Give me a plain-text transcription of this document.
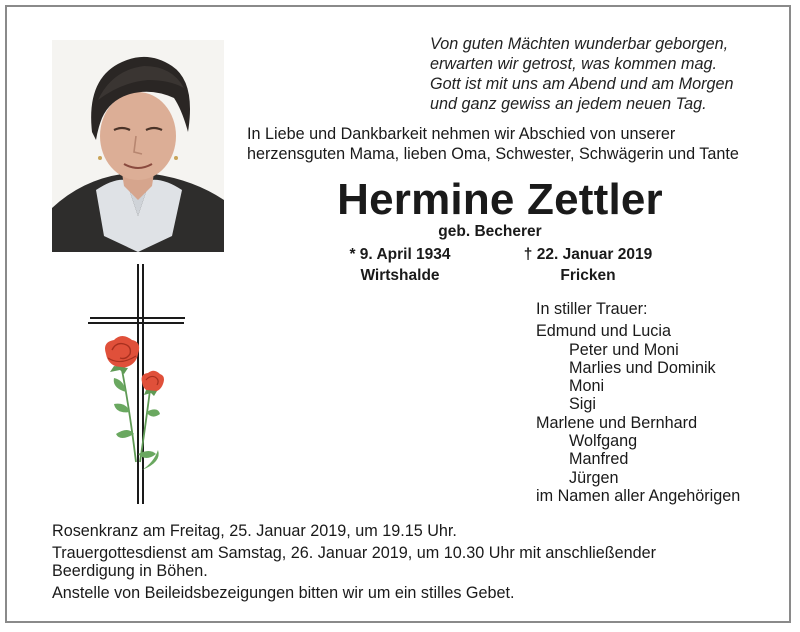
Von guten Mächten wunderbar geborgen,
erwarten wir getrost, was kommen mag.
Gott ist mit uns am Abend und am Morgen
und ganz gewiss an jedem neuen Tag.
In Liebe und Dankbarkeit nehmen wir Abschied von unserer
herzensguten Mama, lieben Oma, Schwester, Schwägerin und Tante
Hermine Zettler
geb. Becherer
* 9. April 1934
Wirtshalde
† 22. Januar 2019
Fricken
In stiller Trauer:
Edmund und Lucia
Peter und Moni
Marlies und Dominik
Moni
Sigi
Marlene und Bernhard
Wolfgang
Manfred
Jürgen
im Namen aller Angehörigen
Rosenkranz am Freitag, 25. Januar 2019, um 19.15 Uhr.
Trauergottesdienst am Samstag, 26. Januar 2019, um 10.30 Uhr mit anschließender
Beerdigung in Böhen.
Anstelle von Beileidsbezeigungen bitten wir um ein stilles Gebet.
